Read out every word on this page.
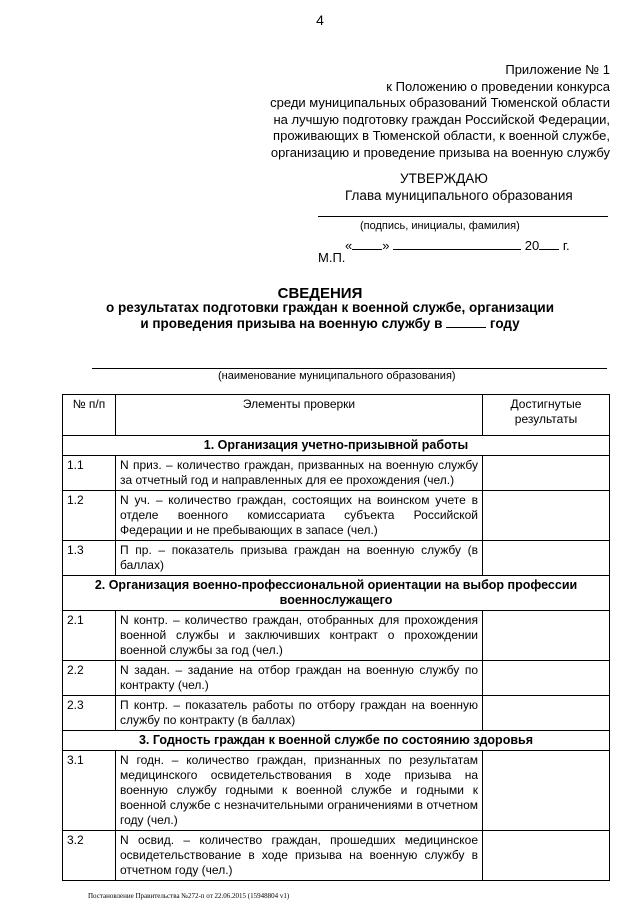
4
Приложение № 1
к Положению о проведении конкурса
среди муниципальных образований Тюменской области
на лучшую подготовку граждан Российской Федерации,
проживающих в Тюменской области, к военной службе,
организацию и проведение призыва на военную службу
УТВЕРЖДАЮ
Глава муниципального образования
(подпись, инициалы, фамилия)
« »	20 г.
М.П.
СВЕДЕНИЯ
о результатах подготовки граждан к военной службе, организации
и проведения призыва на военную службу в	году
(наименование муниципального образования)
№ п/п	Элементы проверки	Достигнутые результаты
1. Организация учетно-призывной работы		
1.1	N приз. – количество граждан, призванных на военную службу за отчетный год и направленных для ее прохождения (чел.)	
1.2	N уч. – количество граждан, состоящих на воинском учете в отделе военного комиссариата субъекта Российской Федерации и не пребывающих в запасе (чел.)	
1.3	П пр. – показатель призыва граждан на военную службу (в баллах)	
2. Организация военно-профессиональной ориентации на выбор профессии военнослужащего		
2.1	N контр. – количество граждан, отобранных для прохождения военной службы и заключивших контракт о прохождении военной службы за год (чел.)	
2.2	N задан. – задание на отбор граждан на военную службу по контракту (чел.)	
2.3	П контр. – показатель работы по отбору граждан на военную службу по контракту (в баллах)	
3. Годность граждан к военной службе по состоянию здоровья		
3.1	N годн. – количество граждан, признанных по результатам медицинского освидетельствования в ходе призыва на военную службу годными к военной службе и годными к военной службе с незначительными ограничениями в отчетном году (чел.)	
3.2	N освид. – количество граждан, прошедших медицинское освидетельствование в ходе призыва на военную службу в отчетном году (чел.)	
Постановление Правительства №272-п от 22.06.2015 (15948804 v1)
